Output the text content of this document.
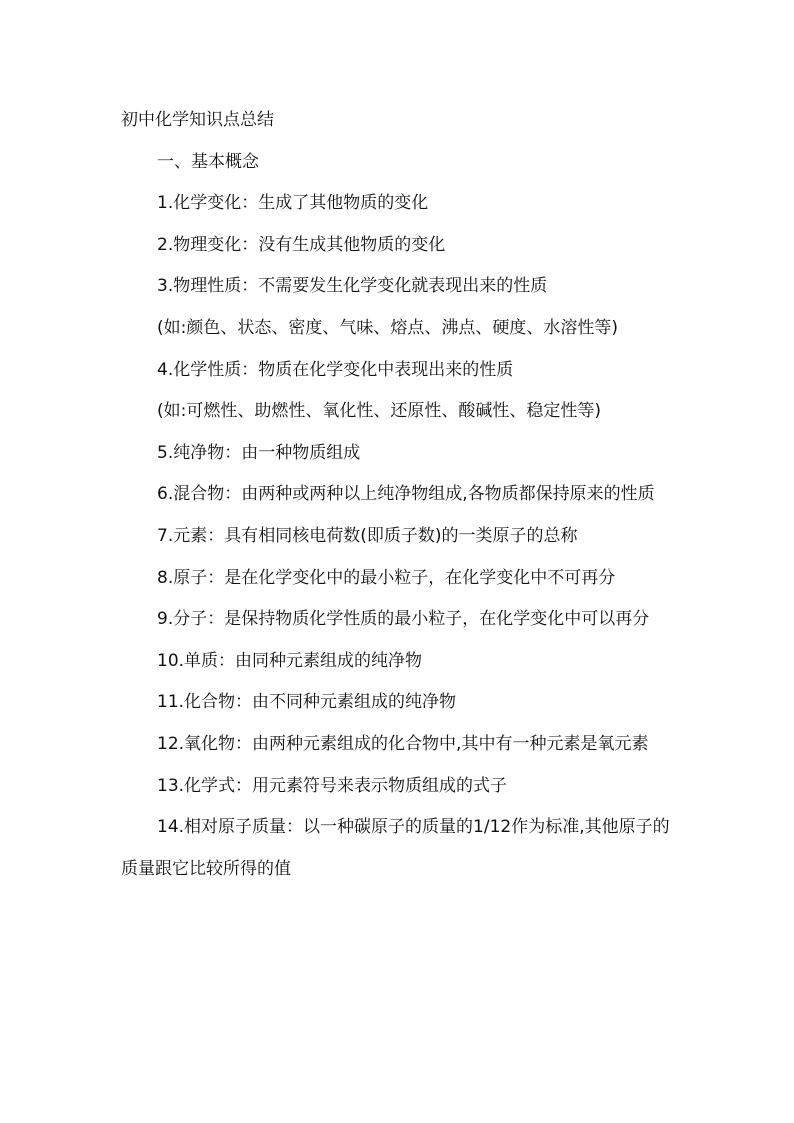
初中化学知识点总结

一、基本概念

1.化学变化：生成了其他物质的变化

2.物理变化：没有生成其他物质的变化

3.物理性质：不需要发生化学变化就表现出来的性质

(如:颜色、状态、密度、气味、熔点、沸点、硬度、水溶性等)

4.化学性质：物质在化学变化中表现出来的性质

(如:可燃性、助燃性、氧化性、还原性、酸碱性、稳定性等)

5.纯净物：由一种物质组成

6.混合物：由两种或两种以上纯净物组成,各物质都保持原来的性质

7.元素：具有相同核电荷数(即质子数)的一类原子的总称

8.原子：是在化学变化中的最小粒子，在化学变化中不可再分

9.分子：是保持物质化学性质的最小粒子，在化学变化中可以再分

10.单质：由同种元素组成的纯净物

11.化合物：由不同种元素组成的纯净物

12.氧化物：由两种元素组成的化合物中,其中有一种元素是氧元素

13.化学式：用元素符号来表示物质组成的式子

14.相对原子质量：以一种碳原子的质量的1/12作为标准,其他原子的质量跟它比较所得的值
